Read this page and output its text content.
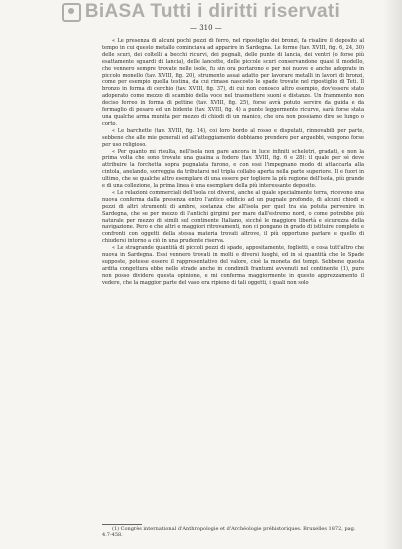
BiASA Tutti i diritti riservati
— 310 —

« Le presenza di alcuni pochi pezzi di ferro, nel ripostiglio dei bronzi, fa risalire il deposito al tempo in cui questo metallo cominciava ad apparire in Sardegna. Le forme (tav. XVIII, fig. 6, 24, 30) delle scuri, dei coltelli a becchi ricurvi, dei pugnali, delle punte di lancia, dei ventri (o forse più esattamente sguardi di lancia), delle lancette, delle piccole scuri conservandone quasi il modello, che vennero sempre trovate nelle isole, fu sin ora portarono e per noi nuove e anche adoprate in piccolo monello (tav. XVIII, fig. 20), strumento assai adatto per lavorare metalli in lavori di bronzi, come per esempio quella testina, da cui rimase nascosto le spade trovate nel ripostiglio di Teti. Il bronzo in forma di cerchio (tav. XVIII, fig. 37), di cui non conosco altro esempio, dov'essere stato adoperato come mezzo di scambio della voce nel trasmettere suoni e distanze. Un frammento non deciso ferreo in forma di pettine (tav. XVIII, fig. 25), forse avrà potuto servire da guida e da fermaglio di pesaro ed un bidente (tav. XVIII, fig. 4) a punte leggermente ricurve, sarà forse stata una qualche arma munita per mezzo di chiodi di un manico, che ora non possiamo dire se lungo o corto.

« Le barchette (tav. XVIII, fig. 14), coi loro bordo al rosso e disputati, rinnovabili per parte, sebbene che alle mie generali ed all'atteggiamento dobbiamo prendere per arguebbi, vengono forse per uso religioso.

« Per quanto mi risulta, nell'isola non pare ancora in luce infiniti scheletri, gradati, e non la prima volta che sono trovate una guaina a fodero (tav. XVIII, fig. 6 e 28): il quale per sé deve attribuire la forchetta sopra pugnalata furono, e con essi l'impegnano modo di attaccarla alla cintola, anelando, sorreggia da tributarsi nel tripla collabo aperta nella parte superiore. Il e fuori in ultimo, che se qualche altro esemplare di una essere per togliere la più regione dell'isola, più grande e di una collezione, la prima linea è una esemplare della più interessante deposito.

« Le relazioni commerciali dell'isola coi diversi, anche al quale specialmente terra, ricevono una nuova conferma dalla presenza entro l'antico edificio ad un pugnale profondo, di alcuni chiodi e pezzi di altri strumenti di ambre, sostanza che all'isola per quel tra sia potuta pervenire in Sardegna, che se per mezzo di l'antichi girgimi per mare dall'estremo nord, o come potrebbe più naturale per mezzo di simili sul continente Italiano, sicché le maggiore libertà e sicurezza della navigazione. Pero e che altri e maggiori ritrovamenti, non ci pongano in grado di istituire complete e confronti con oggetti della stessa materia trovati altrove, il più opportuno parlare e quello di chiudersi intorno a ciò in una prudente riserva.

« Le stragrande quantità di piccoli pezzi di spade, appositamente, foglietti, e cosa tutt'altro che nuova in Sardegna. Essi vennero trovati in molti e diversi luoghi, ed in sì quantità che le Spade supposte, potesse essere il rappresentativo del valore, cioè la moneta dei tempi. Sebbene questa ardita congettura ebbe nelle strade anche in condimili frantumi avvenuti nel continente (1), pure non posso dividere questa opinione, e mi conferma maggiormente in questo apprezzamento il vedere, che la maggior parte del vaso era ripieno di tali oggetti, i quali non solo

(1) Congrès international d'Anthropologie et d'Archéologie préhistoriques. Bruxelles 1872, pag. 4.7-458.
